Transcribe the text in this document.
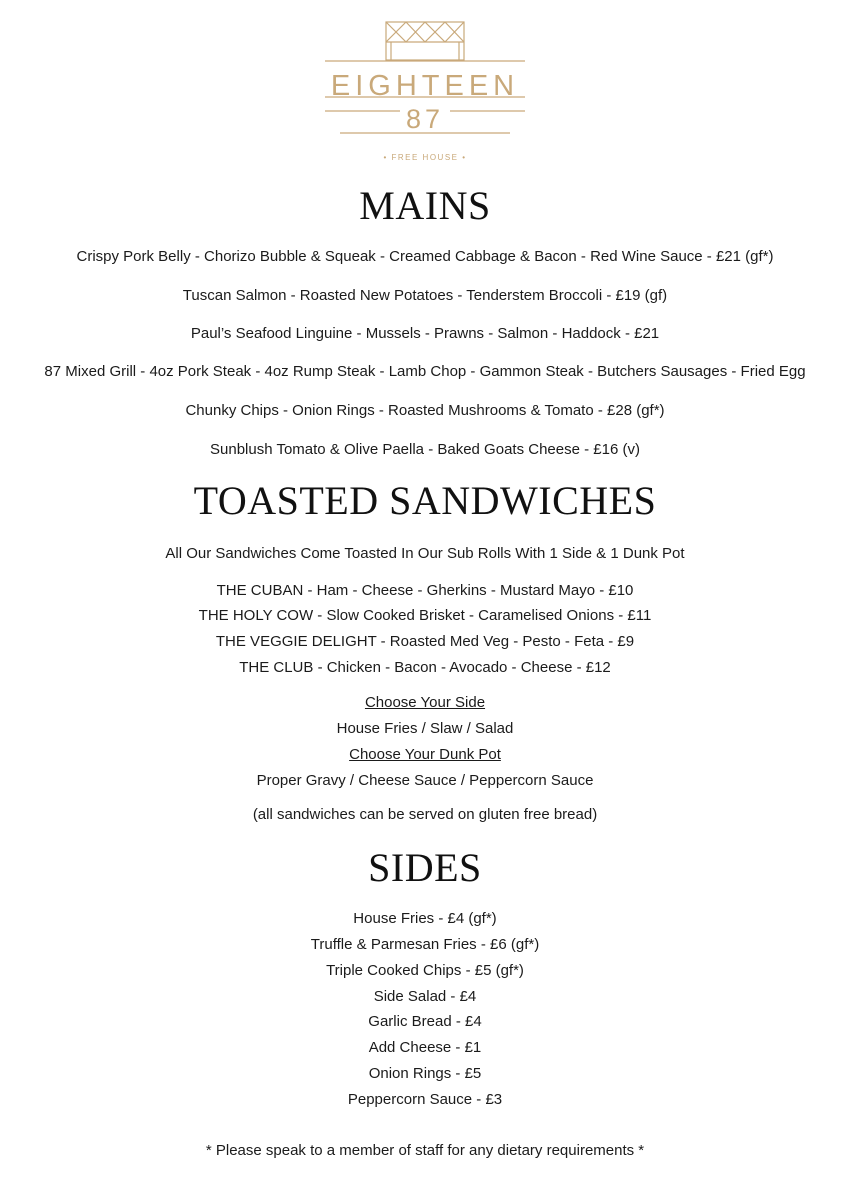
EIGHTEEN
87
• FREE HOUSE •
MAINS
Crispy Pork Belly - Chorizo Bubble & Squeak - Creamed Cabbage & Bacon - Red Wine Sauce - £21 (gf*)
Tuscan Salmon - Roasted New Potatoes - Tenderstem Broccoli - £19 (gf)
Paul’s Seafood Linguine - Mussels - Prawns - Salmon - Haddock - £21
87 Mixed Grill - 4oz Pork Steak - 4oz Rump Steak - Lamb Chop - Gammon Steak - Butchers Sausages - Fried Egg
Chunky Chips - Onion Rings - Roasted Mushrooms & Tomato - £28 (gf*)
Sunblush Tomato & Olive Paella - Baked Goats Cheese - £16 (v)
TOASTED SANDWICHES
All Our Sandwiches Come Toasted In Our Sub Rolls With 1 Side & 1 Dunk Pot
THE CUBAN - Ham - Cheese - Gherkins - Mustard Mayo - £10
THE HOLY COW - Slow Cooked Brisket - Caramelised Onions - £11
THE VEGGIE DELIGHT - Roasted Med Veg - Pesto - Feta - £9
THE CLUB - Chicken - Bacon - Avocado - Cheese - £12
Choose Your Side
House Fries / Slaw / Salad
Choose Your Dunk Pot
Proper Gravy / Cheese Sauce / Peppercorn Sauce
(all sandwiches can be served on gluten free bread)
SIDES
House Fries - £4 (gf*)
Truffle & Parmesan Fries - £6 (gf*)
Triple Cooked Chips - £5 (gf*)
Side Salad - £4
Garlic Bread - £4
Add Cheese - £1
Onion Rings - £5
Peppercorn Sauce - £3
* Please speak to a member of staff for any dietary requirements *
